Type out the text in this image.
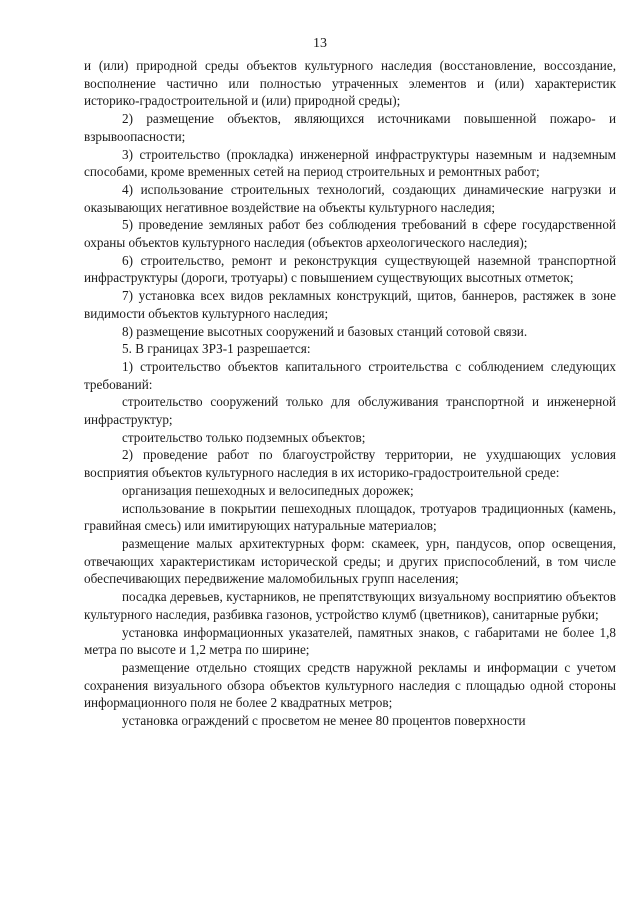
13

и (или) природной среды объектов культурного наследия (восстановление, воссоздание, восполнение частично или полностью утраченных элементов и (или) характеристик историко-градостроительной и (или) природной среды);

2) размещение объектов, являющихся источниками повышенной пожаро- и взрывоопасности;

3) строительство (прокладка) инженерной инфраструктуры наземным и надземным способами, кроме временных сетей на период строительных и ремонтных работ;

4) использование строительных технологий, создающих динамические нагрузки и оказывающих негативное воздействие на объекты культурного наследия;

5) проведение земляных работ без соблюдения требований в сфере государственной охраны объектов культурного наследия (объектов археологического наследия);

6) строительство, ремонт и реконструкция существующей наземной транспортной инфраструктуры (дороги, тротуары) с повышением существующих высотных отметок;

7) установка всех видов рекламных конструкций, щитов, баннеров, растяжек в зоне видимости объектов культурного наследия;

8) размещение высотных сооружений и базовых станций сотовой связи.

5. В границах ЗРЗ-1 разрешается:

1) строительство объектов капитального строительства с соблюдением следующих требований:

строительство сооружений только для обслуживания транспортной и инженерной инфраструктур;

строительство только подземных объектов;

2) проведение работ по благоустройству территории, не ухудшающих условия восприятия объектов культурного наследия в их историко-градостроительной среде:

организация пешеходных и велосипедных дорожек;

использование в покрытии пешеходных площадок, тротуаров традиционных (камень, гравийная смесь) или имитирующих натуральные материалов;

размещение малых архитектурных форм: скамеек, урн, пандусов, опор освещения, отвечающих характеристикам исторической среды; и других приспособлений, в том числе обеспечивающих передвижение маломобильных групп населения;

посадка деревьев, кустарников, не препятствующих визуальному восприятию объектов культурного наследия, разбивка газонов, устройство клумб (цветников), санитарные рубки;

установка информационных указателей, памятных знаков, с габаритами не более 1,8 метра по высоте и 1,2 метра по ширине;

размещение отдельно стоящих средств наружной рекламы и информации с учетом сохранения визуального обзора объектов культурного наследия с площадью одной стороны информационного поля не более 2 квадратных метров;

установка ограждений с просветом не менее 80 процентов поверхности
